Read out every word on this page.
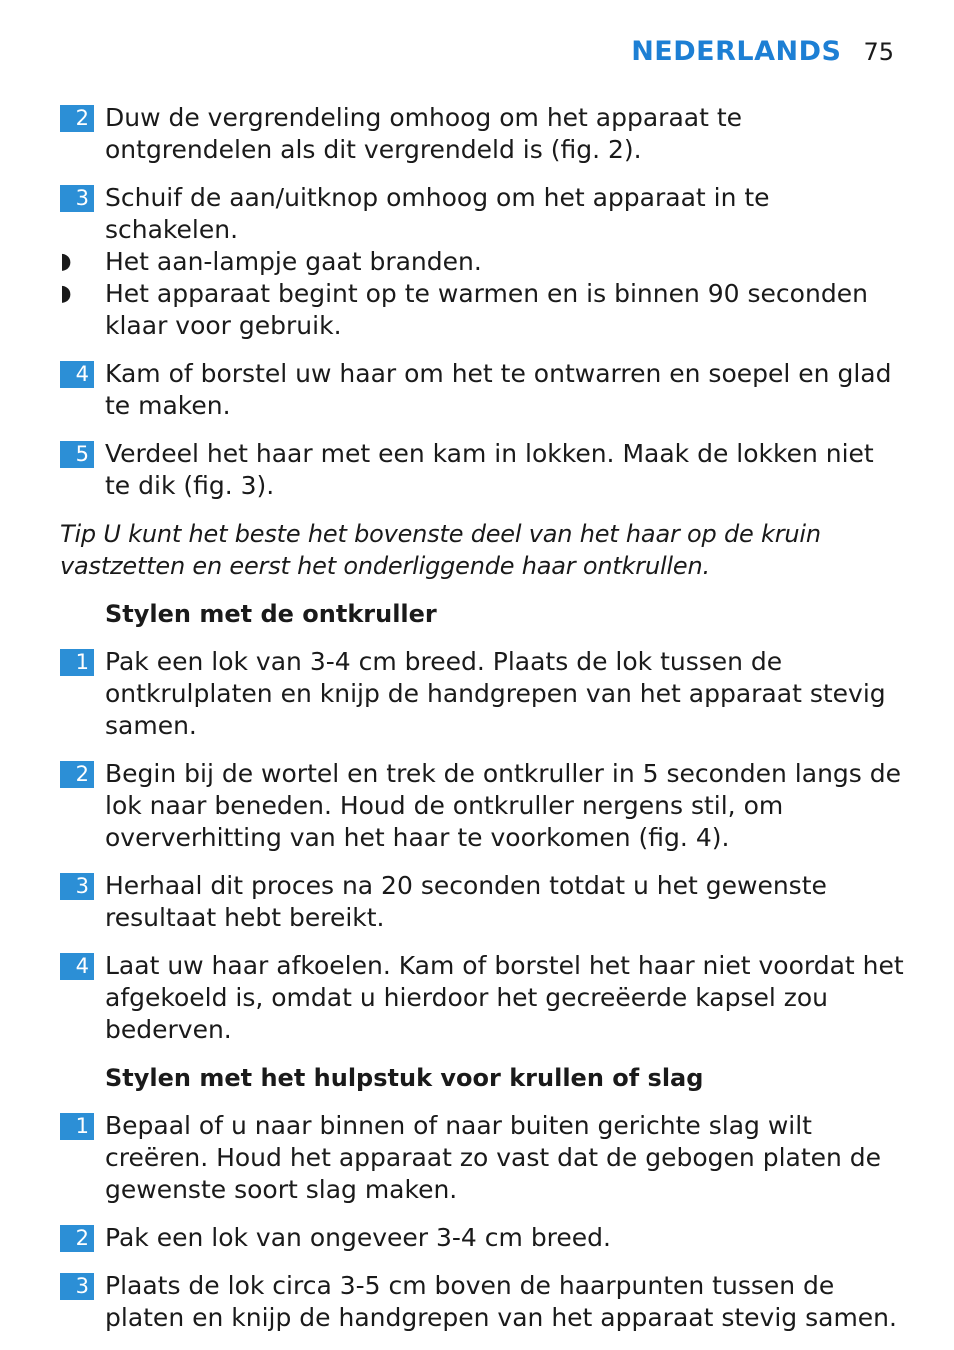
NEDERLANDS 75
2 Duw de vergrendeling omhoog om het apparaat te ontgrendelen als dit vergrendeld is (fig. 2).
3 Schuif de aan/uitknop omhoog om het apparaat in te schakelen.
◗ Het aan-lampje gaat branden.
◗ Het apparaat begint op te warmen en is binnen 90 seconden klaar voor gebruik.
4 Kam of borstel uw haar om het te ontwarren en soepel en glad te maken.
5 Verdeel het haar met een kam in lokken. Maak de lokken niet te dik (fig. 3).
Tip U kunt het beste het bovenste deel van het haar op de kruin vastzetten en eerst het onderliggende haar ontkrullen.
Stylen met de ontkruller
1 Pak een lok van 3-4 cm breed. Plaats de lok tussen de ontkrulplaten en knijp de handgrepen van het apparaat stevig samen.
2 Begin bij de wortel en trek de ontkruller in 5 seconden langs de lok naar beneden. Houd de ontkruller nergens stil, om oververhitting van het haar te voorkomen (fig. 4).
3 Herhaal dit proces na 20 seconden totdat u het gewenste resultaat hebt bereikt.
4 Laat uw haar afkoelen. Kam of borstel het haar niet voordat het afgekoeld is, omdat u hierdoor het gecreëerde kapsel zou bederven.
Stylen met het hulpstuk voor krullen of slag
1 Bepaal of u naar binnen of naar buiten gerichte slag wilt creëren. Houd het apparaat zo vast dat de gebogen platen de gewenste soort slag maken.
2 Pak een lok van ongeveer 3-4 cm breed.
3 Plaats de lok circa 3-5 cm boven de haarpunten tussen de platen en knijp de handgrepen van het apparaat stevig samen.
